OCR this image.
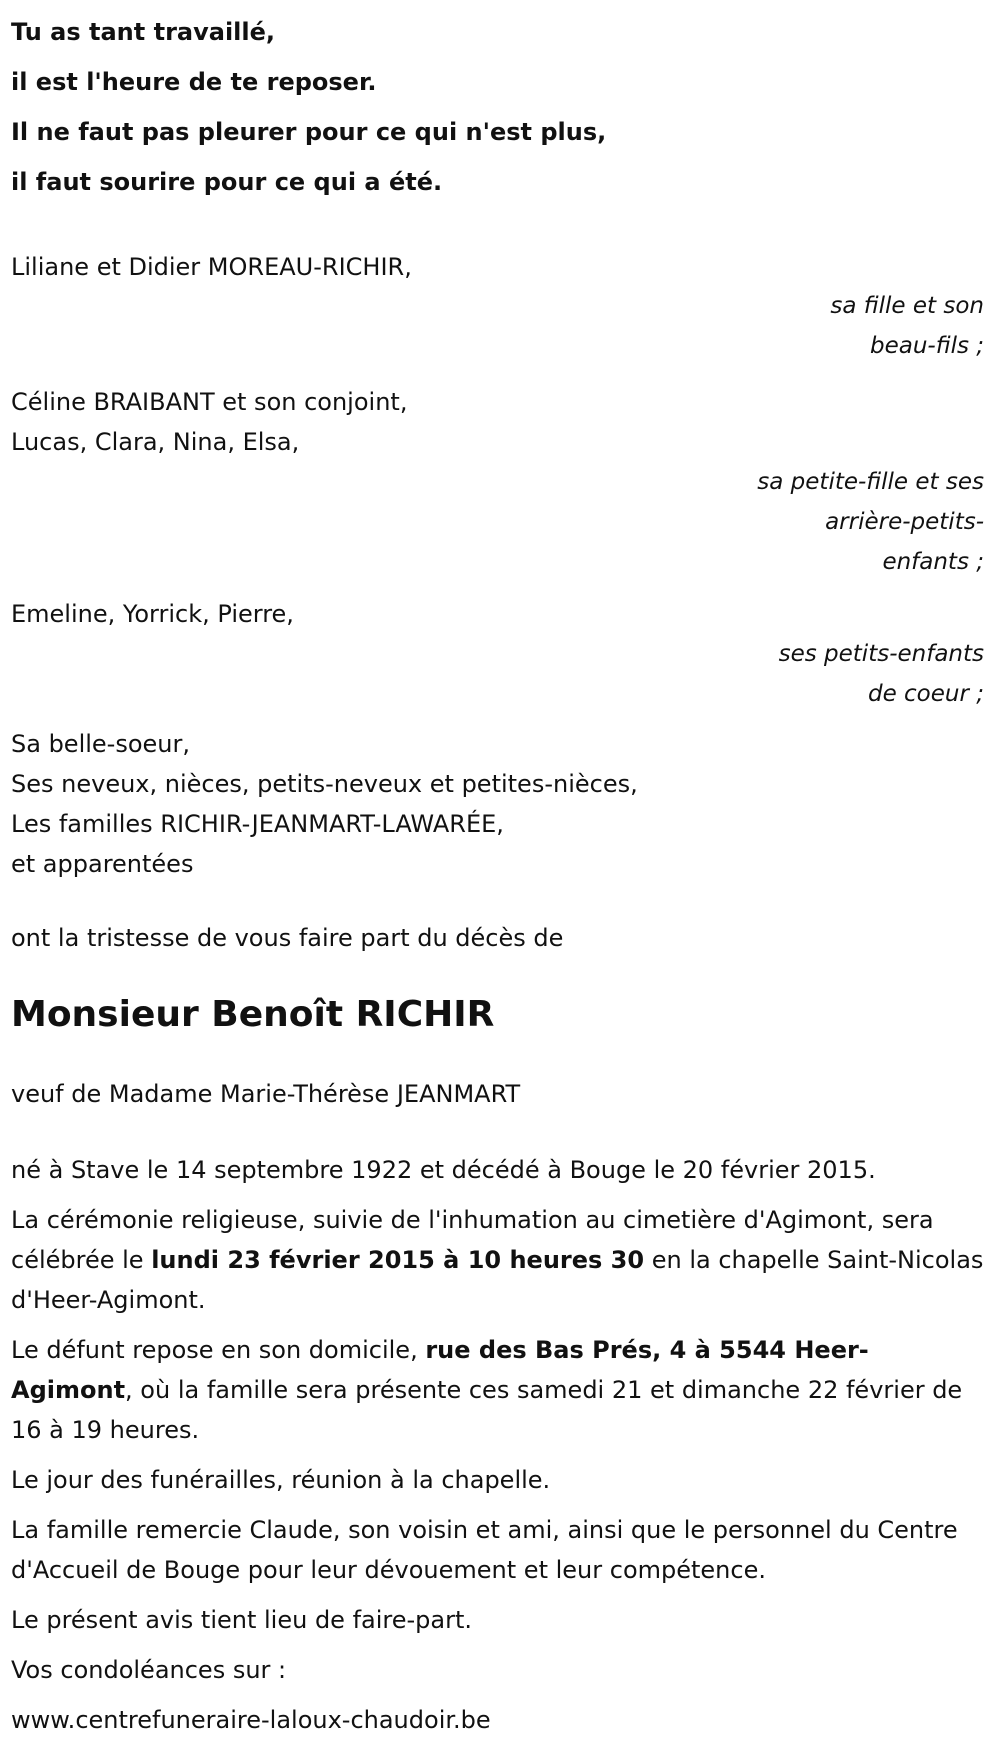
Tu as tant travaillé,
il est l'heure de te reposer.
Il ne faut pas pleurer pour ce qui n'est plus,
il faut sourire pour ce qui a été.
Liliane et Didier MOREAU-RICHIR,
sa fille et son
beau-fils ;
Céline BRAIBANT et son conjoint,
Lucas, Clara, Nina, Elsa,
sa petite-fille et ses
arrière-petits-
enfants ;
Emeline, Yorrick, Pierre,
ses petits-enfants
de coeur ;
Sa belle-soeur,
Ses neveux, nièces, petits-neveux et petites-nièces,
Les familles RICHIR-JEANMART-LAWARÉE,
et apparentées
ont la tristesse de vous faire part du décès de
Monsieur Benoît RICHIR
veuf de Madame Marie-Thérèse JEANMART
né à Stave le 14 septembre 1922 et décédé à Bouge le 20 février 2015.
La cérémonie religieuse, suivie de l'inhumation au cimetière d'Agimont, sera célébrée le lundi 23 février 2015 à 10 heures 30 en la chapelle Saint-Nicolas d'Heer-Agimont.
Le défunt repose en son domicile, rue des Bas Prés, 4 à 5544 Heer-Agimont, où la famille sera présente ces samedi 21 et dimanche 22 février de 16 à 19 heures.
Le jour des funérailles, réunion à la chapelle.
La famille remercie Claude, son voisin et ami, ainsi que le personnel du Centre d'Accueil de Bouge pour leur dévouement et leur compétence.
Le présent avis tient lieu de faire-part.
Vos condoléances sur :
www.centrefuneraire-laloux-chaudoir.be
